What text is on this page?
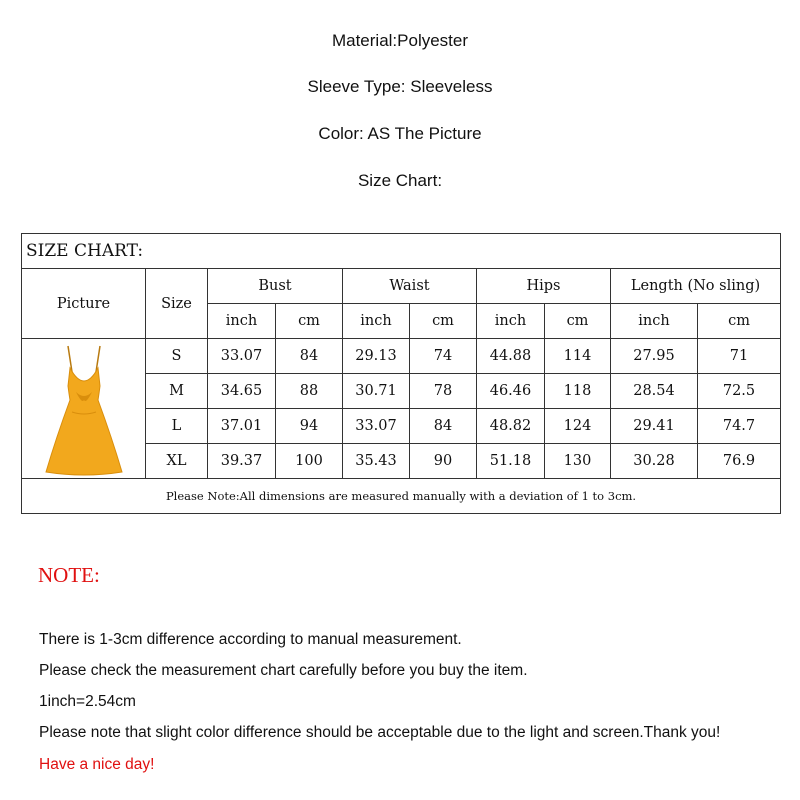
Material:Polyester
Sleeve Type: Sleeveless
Color: AS The Picture
Size Chart:
SIZE CHART:									
Picture	Size	Bust		Waist		Hips		Length (No sling)	
		inch	cm	inch	cm	inch	cm	inch	cm

	S	33.07	84	29.13	74	44.88	114	27.95	71
	M	34.65	88	30.71	78	46.46	118	28.54	72.5
	L	37.01	94	33.07	84	48.82	124	29.41	74.7
	XL	39.37	100	35.43	90	51.18	130	30.28	76.9
Please Note:All dimensions are measured manually with a deviation of 1 to 3cm.									
NOTE:
There is 1-3cm difference according to manual measurement.
Please check the measurement chart carefully before you buy the item.
1inch=2.54cm
Please note that slight color difference should be acceptable due to the light and screen.Thank you!
Have a nice day!
